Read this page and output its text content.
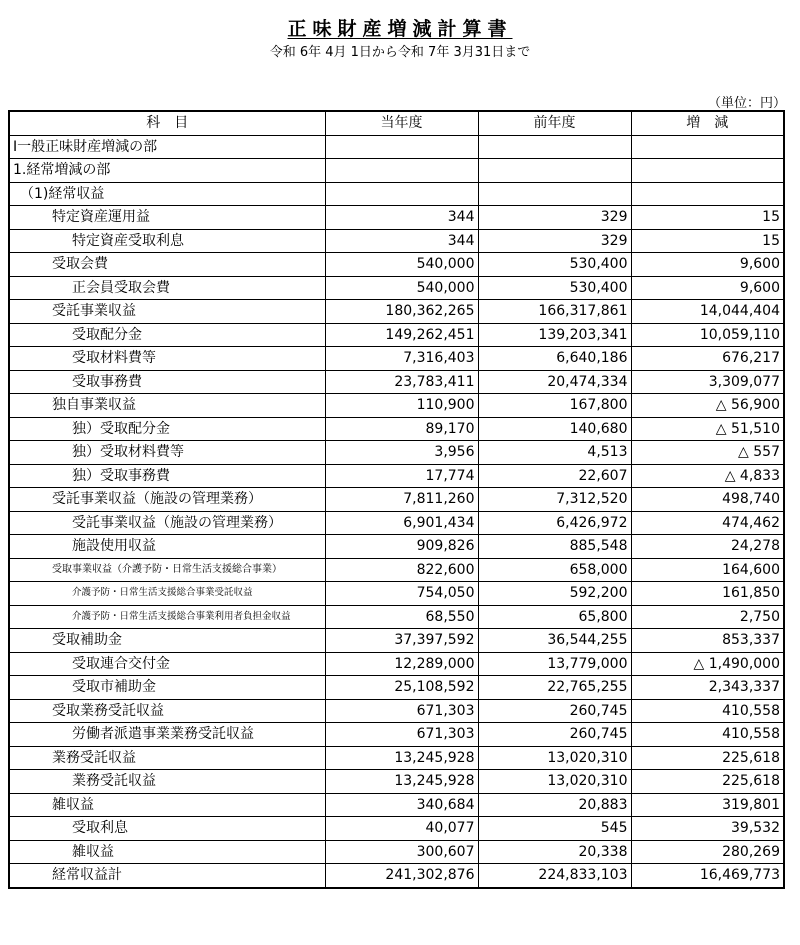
正味財産増減計算書
令和 6年 4月 1日から令和 7年 3月31日まで
（単位：円）
科　目	当年度	前年度	増　減
Ⅰ一般正味財産増減の部			
1.経常増減の部			
（1)経常収益			
特定資産運用益	344	329	15
特定資産受取利息	344	329	15
受取会費	540,000	530,400	9,600
正会員受取会費	540,000	530,400	9,600
受託事業収益	180,362,265	166,317,861	14,044,404
受取配分金	149,262,451	139,203,341	10,059,110
受取材料費等	7,316,403	6,640,186	676,217
受取事務費	23,783,411	20,474,334	3,309,077
独自事業収益	110,900	167,800	△ 56,900
独）受取配分金	89,170	140,680	△ 51,510
独）受取材料費等	3,956	4,513	△ 557
独）受取事務費	17,774	22,607	△ 4,833
受託事業収益（施設の管理業務）	7,811,260	7,312,520	498,740
受託事業収益（施設の管理業務）	6,901,434	6,426,972	474,462
施設使用収益	909,826	885,548	24,278
受取事業収益（介護予防・日常生活支援総合事業）	822,600	658,000	164,600
介護予防・日常生活支援総合事業受託収益	754,050	592,200	161,850
介護予防・日常生活支援総合事業利用者負担金収益	68,550	65,800	2,750
受取補助金	37,397,592	36,544,255	853,337
受取連合交付金	12,289,000	13,779,000	△ 1,490,000
受取市補助金	25,108,592	22,765,255	2,343,337
受取業務受託収益	671,303	260,745	410,558
労働者派遣事業業務受託収益	671,303	260,745	410,558
業務受託収益	13,245,928	13,020,310	225,618
業務受託収益	13,245,928	13,020,310	225,618
雑収益	340,684	20,883	319,801
受取利息	40,077	545	39,532
雑収益	300,607	20,338	280,269
経常収益計	241,302,876	224,833,103	16,469,773
